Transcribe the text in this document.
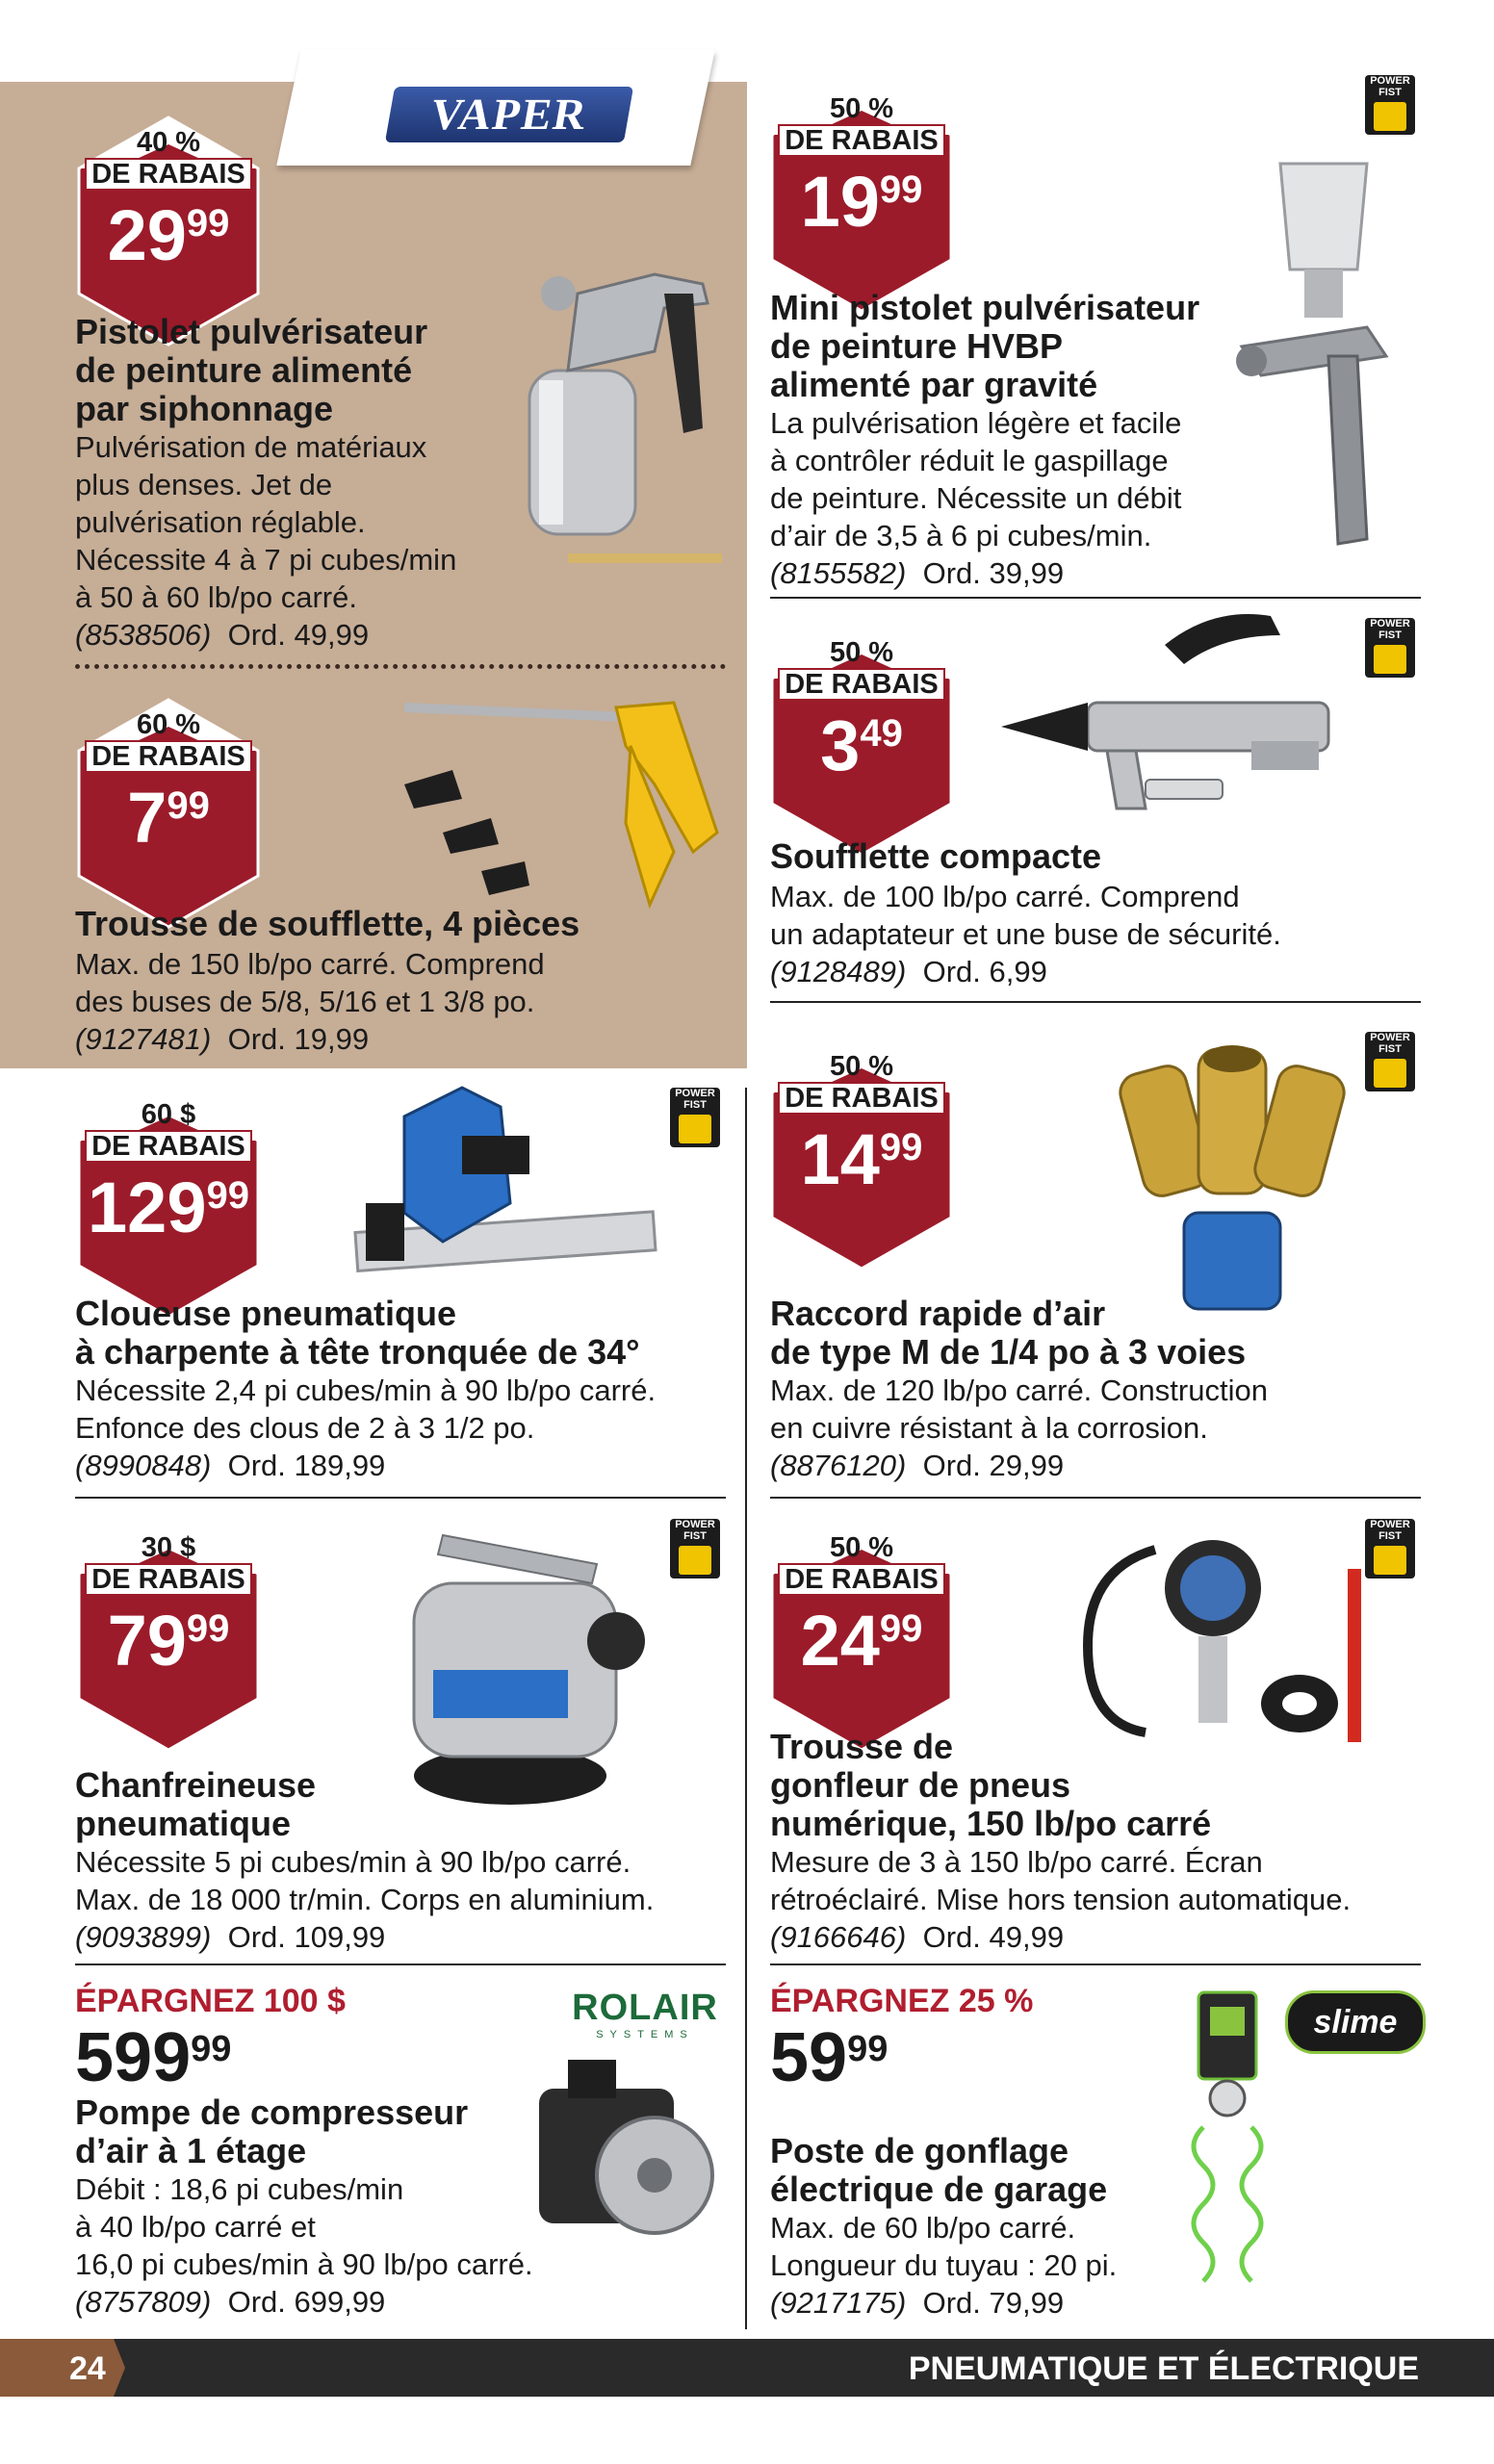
VAPER
POWER FIST
POWER FIST
POWER FIST
POWER FIST
POWER FIST
POWER FIST
40 %
DE RABAIS
2999
50 %
DE RABAIS
1999
60 %
DE RABAIS
799
50 %
DE RABAIS
349
60 $
DE RABAIS
12999
50 %
DE RABAIS
1499
30 $
DE RABAIS
7999
50 %
DE RABAIS
2499
Pistolet pulvérisateur
de peinture alimenté
par siphonnage
Pulvérisation de matériaux
plus denses. Jet de
pulvérisation réglable.
Nécessite 4 à 7 pi cubes/min
à 50 à 60 lb/po carré.
(8538506) Ord. 49,99
Mini pistolet pulvérisateur
de peinture HVBP
alimenté par gravité
La pulvérisation légère et facile
à contrôler réduit le gaspillage
de peinture. Nécessite un débit
d’air de 3,5 à 6 pi cubes/min.
(8155582) Ord. 39,99
Trousse de soufflette, 4 pièces
Max. de 150 lb/po carré. Comprend
des buses de 5/8, 5/16 et 1 3/8 po.
(9127481) Ord. 19,99
Soufflette compacte
Max. de 100 lb/po carré. Comprend
un adaptateur et une buse de sécurité.
(9128489) Ord. 6,99
Cloueuse pneumatique
à charpente à tête tronquée de 34°
Nécessite 2,4 pi cubes/min à 90 lb/po carré.
Enfonce des clous de 2 à 3 1/2 po.
(8990848) Ord. 189,99
Raccord rapide d’air
de type M de 1/4 po à 3 voies
Max. de 120 lb/po carré. Construction
en cuivre résistant à la corrosion.
(8876120) Ord. 29,99
Chanfreineuse
pneumatique
Nécessite 5 pi cubes/min à 90 lb/po carré.
Max. de 18 000 tr/min. Corps en aluminium.
(9093899) Ord. 109,99
Trousse de
gonfleur de pneus
numérique, 150 lb/po carré
Mesure de 3 à 150 lb/po carré. Écran
rétroéclairé. Mise hors tension automatique.
(9166646) Ord. 49,99
ÉPARGNEZ 100 $
59999
ROLAIR
SYSTEMS
Pompe de compresseur
d’air à 1 étage
Débit : 18,6 pi cubes/min
à 40 lb/po carré et
16,0 pi cubes/min à 90 lb/po carré.
(8757809) Ord. 699,99
ÉPARGNEZ 25 %
5999
slime
Poste de gonflage
électrique de garage
Max. de 60 lb/po carré.
Longueur du tuyau : 20 pi.
(9217175) Ord. 79,99
24	PNEUMATIQUE ET ÉLECTRIQUE
